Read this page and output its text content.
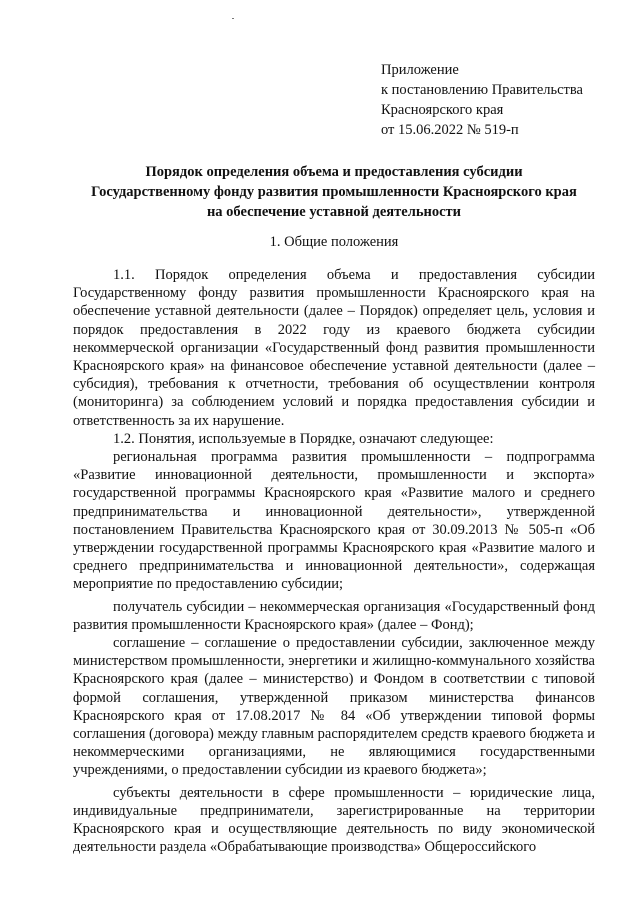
Приложение
к постановлению Правительства
Красноярского края
от 15.06.2022 № 519-п
Порядок определения объема и предоставления субсидии
Государственному фонду развития промышленности Красноярского края
на обеспечение уставной деятельности
1. Общие положения

1.1. Порядок определения объема и предоставления субсидии Государственному фонду развития промышленности Красноярского края на обеспечение уставной деятельности (далее – Порядок) определяет цель, условия и порядок предоставления в 2022 году из краевого бюджета субсидии некоммерческой организации «Государственный фонд развития промышленности Красноярского края» на финансовое обеспечение уставной деятельности (далее – субсидия), требования к отчетности, требования об осуществлении контроля (мониторинга) за соблюдением условий и порядка предоставления субсидии и ответственность за их нарушение.

1.2. Понятия, используемые в Порядке, означают следующее:

региональная программа развития промышленности – подпрограмма «Развитие инновационной деятельности, промышленности и экспорта» государственной программы Красноярского края «Развитие малого и среднего предпринимательства и инновационной деятельности», утвержденной постановлением Правительства Красноярского края от 30.09.2013 № 505-п «Об утверждении государственной программы Красноярского края «Развитие малого и среднего предпринимательства и инновационной деятельности», содержащая мероприятие по предоставлению субсидии;

получатель субсидии – некоммерческая организация «Государственный фонд развития промышленности Красноярского края» (далее – Фонд);

соглашение – соглашение о предоставлении субсидии, заключенное между министерством промышленности, энергетики и жилищно-коммунального хозяйства Красноярского края (далее – министерство) и Фондом в соответствии с типовой формой соглашения, утвержденной приказом министерства финансов Красноярского края от 17.08.2017 № 84 «Об утверждении типовой формы соглашения (договора) между главным распорядителем средств краевого бюджета и некоммерческими организациями, не являющимися государственными учреждениями, о предоставлении субсидии из краевого бюджета»;

субъекты деятельности в сфере промышленности – юридические лица, индивидуальные предприниматели, зарегистрированные на территории Красноярского края и осуществляющие деятельность по виду экономической деятельности раздела «Обрабатывающие производства» Общероссийского
